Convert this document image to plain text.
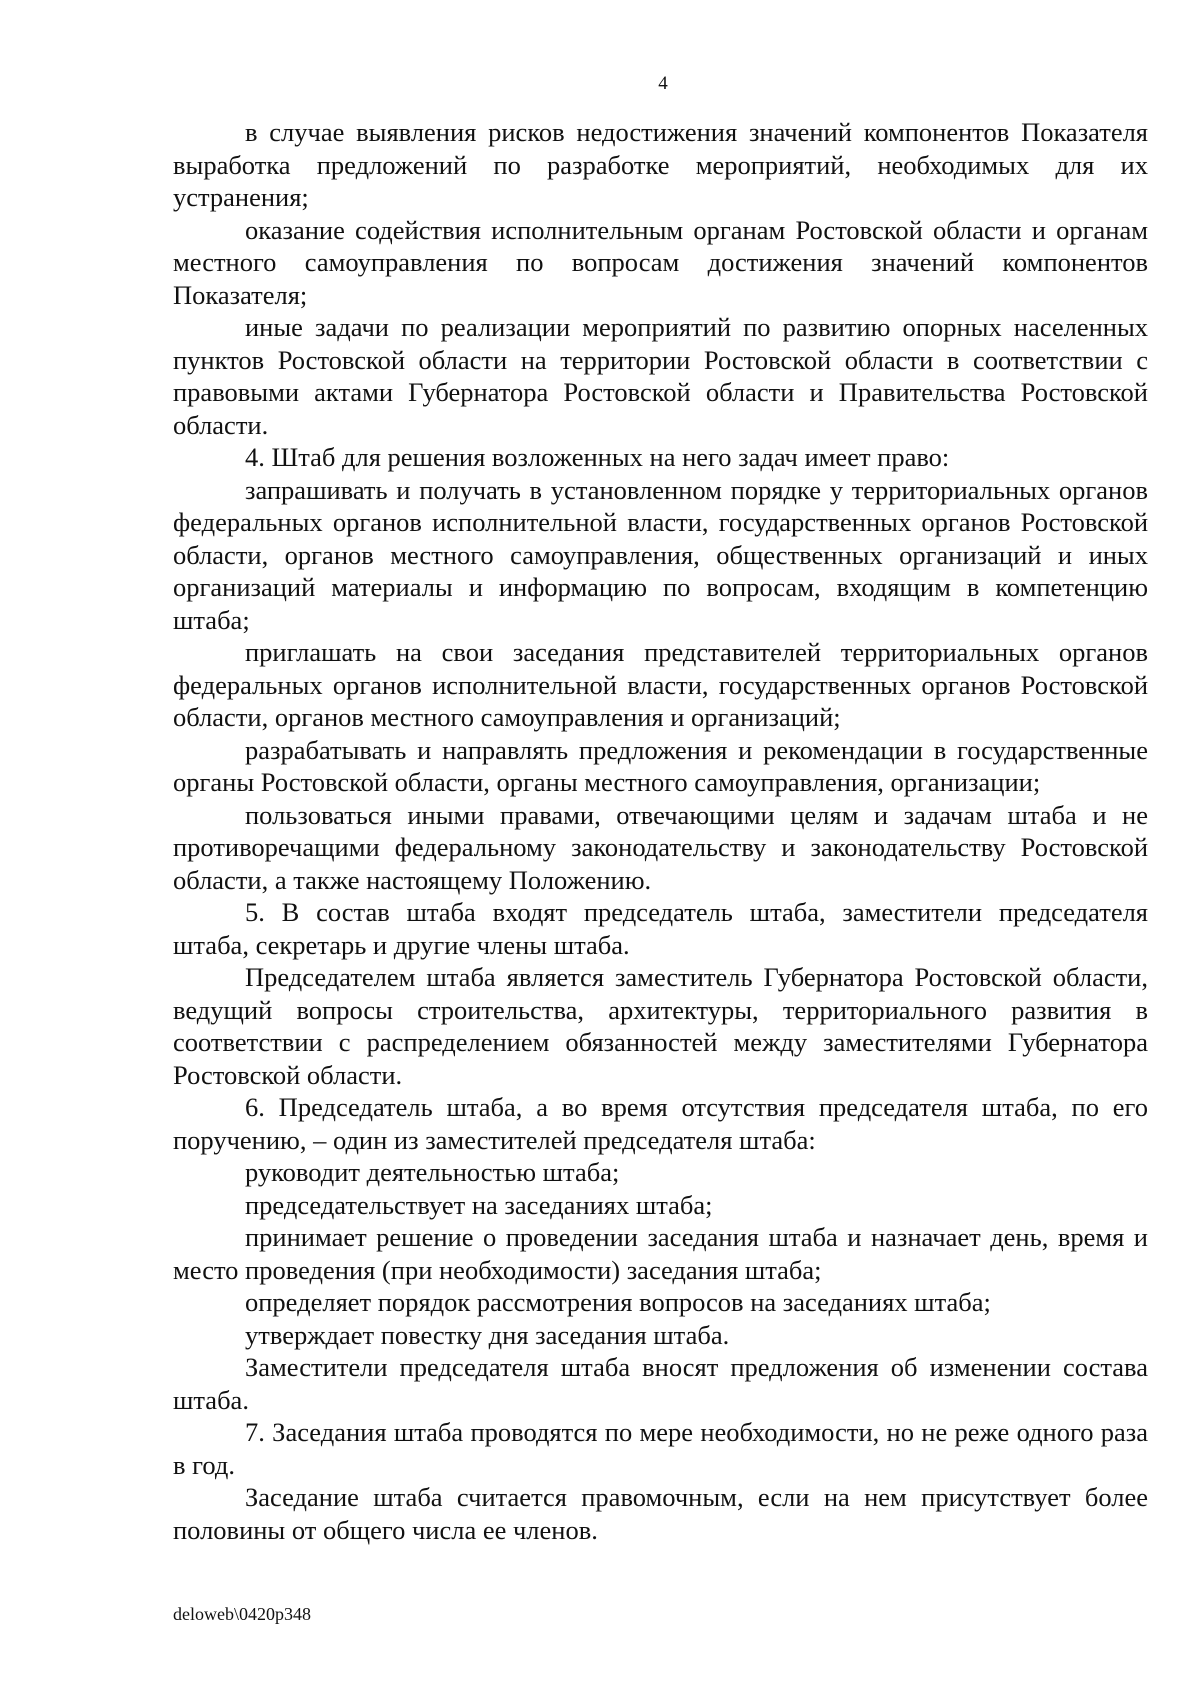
4

в случае выявления рисков недостижения значений компонентов Показателя выработка предложений по разработке мероприятий, необходимых для их устранения;

оказание содействия исполнительным органам Ростовской области и органам местного самоуправления по вопросам достижения значений компонентов Показателя;

иные задачи по реализации мероприятий по развитию опорных населенных пунктов Ростовской области на территории Ростовской области в соответствии с правовыми актами Губернатора Ростовской области и Правительства Ростовской области.

4. Штаб для решения возложенных на него задач имеет право:

запрашивать и получать в установленном порядке у территориальных органов федеральных органов исполнительной власти, государственных органов Ростовской области, органов местного самоуправления, общественных организаций и иных организаций материалы и информацию по вопросам, входящим в компетенцию штаба;

приглашать на свои заседания представителей территориальных органов федеральных органов исполнительной власти, государственных органов Ростовской области, органов местного самоуправления и организаций;

разрабатывать и направлять предложения и рекомендации в государственные органы Ростовской области, органы местного самоуправления, организации;

пользоваться иными правами, отвечающими целям и задачам штаба и не противоречащими федеральному законодательству и законодательству Ростовской области, а также настоящему Положению.

5. В состав штаба входят председатель штаба, заместители председателя штаба, секретарь и другие члены штаба.

Председателем штаба является заместитель Губернатора Ростовской области, ведущий вопросы строительства, архитектуры, территориального развития в соответствии с распределением обязанностей между заместителями Губернатора Ростовской области.

6. Председатель штаба, а во время отсутствия председателя штаба, по его поручению, – один из заместителей председателя штаба:

руководит деятельностью штаба;

председательствует на заседаниях штаба;

принимает решение о проведении заседания штаба и назначает день, время и место проведения (при необходимости) заседания штаба;

определяет порядок рассмотрения вопросов на заседаниях штаба;

утверждает повестку дня заседания штаба.

Заместители председателя штаба вносят предложения об изменении состава штаба.

7. Заседания штаба проводятся по мере необходимости, но не реже одного раза в год.

Заседание штаба считается правомочным, если на нем присутствует более половины от общего числа ее членов.

deloweb\0420p348
